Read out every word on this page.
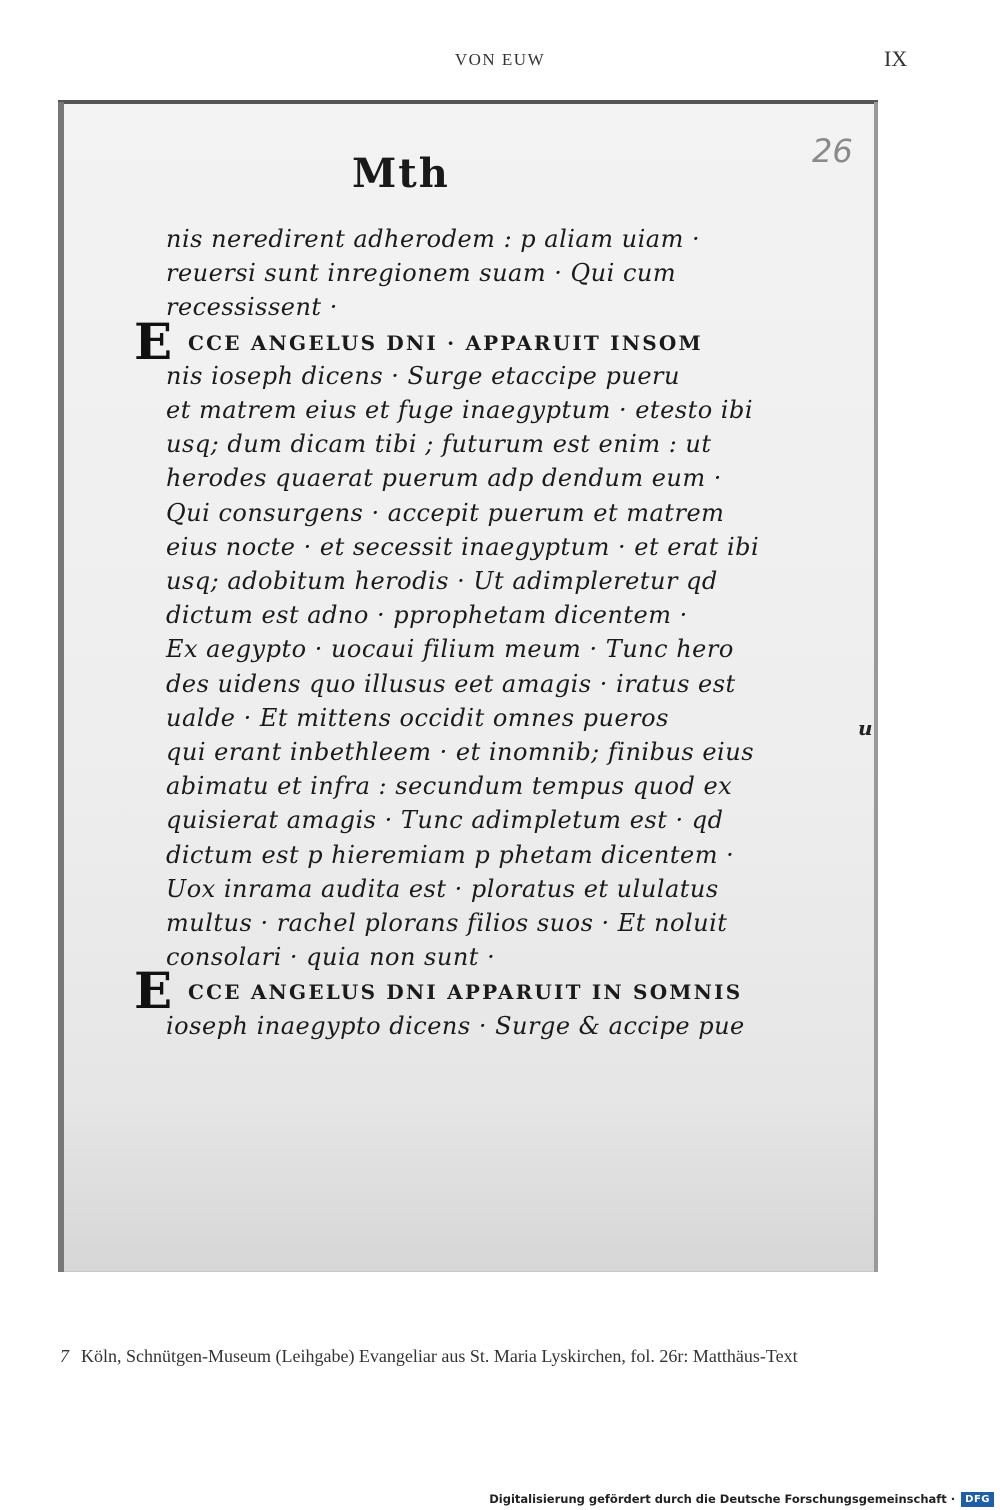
VON EUW	IX
26
Mth
nis neredirent adherodem : p aliam uiam ·
reuersi sunt inregionem suam · Qui cum
recessissent ·
CCE ANGELUS DNI · APPARUIT INSOM
E
nis ioseph dicens · Surge etaccipe pueru
et matrem eius et fuge inaegyptum · etesto ibi
usq; dum dicam tibi ; futurum est enim : ut
herodes quaerat puerum adp dendum eum ·
Qui consurgens · accepit puerum et matrem
eius nocte · et secessit inaegyptum · et erat ibi
usq; adobitum herodis · Ut adimpleretur qd
dictum est adno · pprophetam dicentem ·
Ex aegypto · uocaui filium meum · Tunc hero
des uidens quo illusus eet amagis · iratus est
ualde · Et mittens occidit omnes pueros
qui erant inbethleem · et inomnib; finibus eius
abimatu et infra : secundum tempus quod ex
quisierat amagis · Tunc adimpletum est · qd
dictum est p hieremiam p phetam dicentem ·
Uox inrama audita est · ploratus et ululatus
multus · rachel plorans filios suos · Et noluit
consolari · quia non sunt ·
CCE ANGELUS DNI APPARUIT IN SOMNIS
E
ioseph inaegypto dicens · Surge & accipe pue
u
7 Köln, Schnütgen-Museum (Leihgabe) Evangeliar aus St. Maria Lyskirchen, fol. 26r: Matthäus-Text
Digitalisierung gefördert durch die Deutsche Forschungsgemeinschaft ·	DFG
